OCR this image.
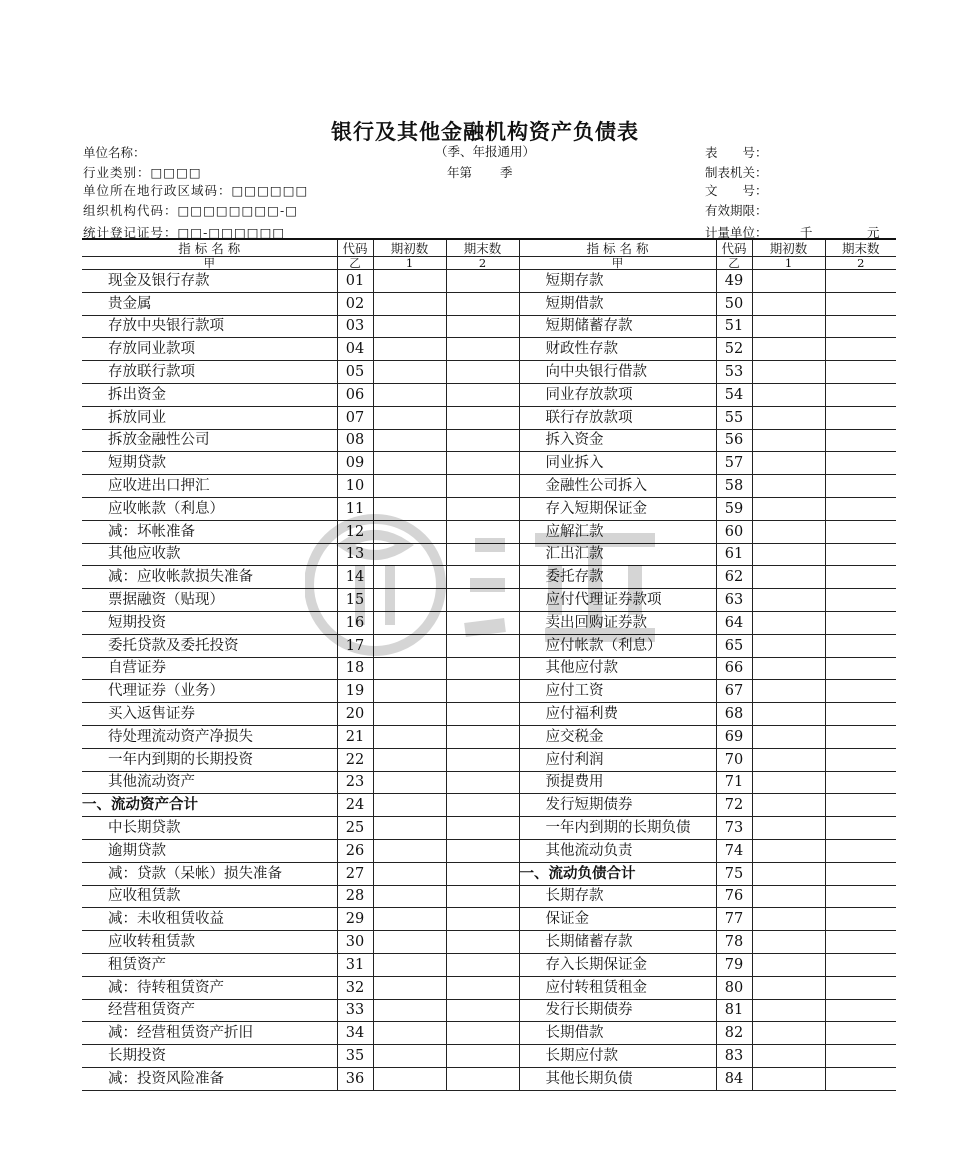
银行及其他金融机构资产负债表
（季、年报通用）
年第 季
单位名称：
行业类别：□□□□
单位所在地行政区域码：□□□□□□
组织机构代码：□□□□□□□□-□
统计登记证号：□□-□□□□□□
表　　号：
制表机关：
文　　号：
有效期限：
计量单位：	千	元
指 标 名 称	代码	期初数	期末数	指 标 名 称	代码	期初数	期末数
甲	乙	1	2	甲	乙	1	2
现金及银行存款	01			短期存款	49		
贵金属	02			短期借款	50		
存放中央银行款项	03			短期储蓄存款	51		
存放同业款项	04			财政性存款	52		
存放联行款项	05			向中央银行借款	53		
拆出资金	06			同业存放款项	54		
拆放同业	07			联行存放款项	55		
拆放金融性公司	08			拆入资金	56		
短期贷款	09			同业拆入	57		
应收进出口押汇	10			金融性公司拆入	58		
应收帐款（利息）	11			存入短期保证金	59		
减：坏帐准备	12			应解汇款	60		
其他应收款	13			汇出汇款	61		
减：应收帐款损失准备	14			委托存款	62		
票据融资（贴现）	15			应付代理证券款项	63		
短期投资	16			卖出回购证券款	64		
委托贷款及委托投资	17			应付帐款（利息）	65		
自营证券	18			其他应付款	66		
代理证券（业务）	19			应付工资	67		
买入返售证券	20			应付福利费	68		
待处理流动资产净损失	21			应交税金	69		
一年内到期的长期投资	22			应付利润	70		
其他流动资产	23			预提费用	71		
一、流动资产合计	24			发行短期债券	72		
中长期贷款	25			一年内到期的长期负债	73		
逾期贷款	26			其他流动负责	74		
减：贷款（呆帐）损失准备	27			一、流动负债合计	75		
应收租赁款	28			长期存款	76		
减：未收租赁收益	29			保证金	77		
应收转租赁款	30			长期储蓄存款	78		
租赁资产	31			存入长期保证金	79		
减：待转租赁资产	32			应付转租赁租金	80		
经营租赁资产	33			发行长期债券	81		
减：经营租赁资产折旧	34			长期借款	82		
长期投资	35			长期应付款	83		
减：投资风险准备	36			其他长期负债	84		
